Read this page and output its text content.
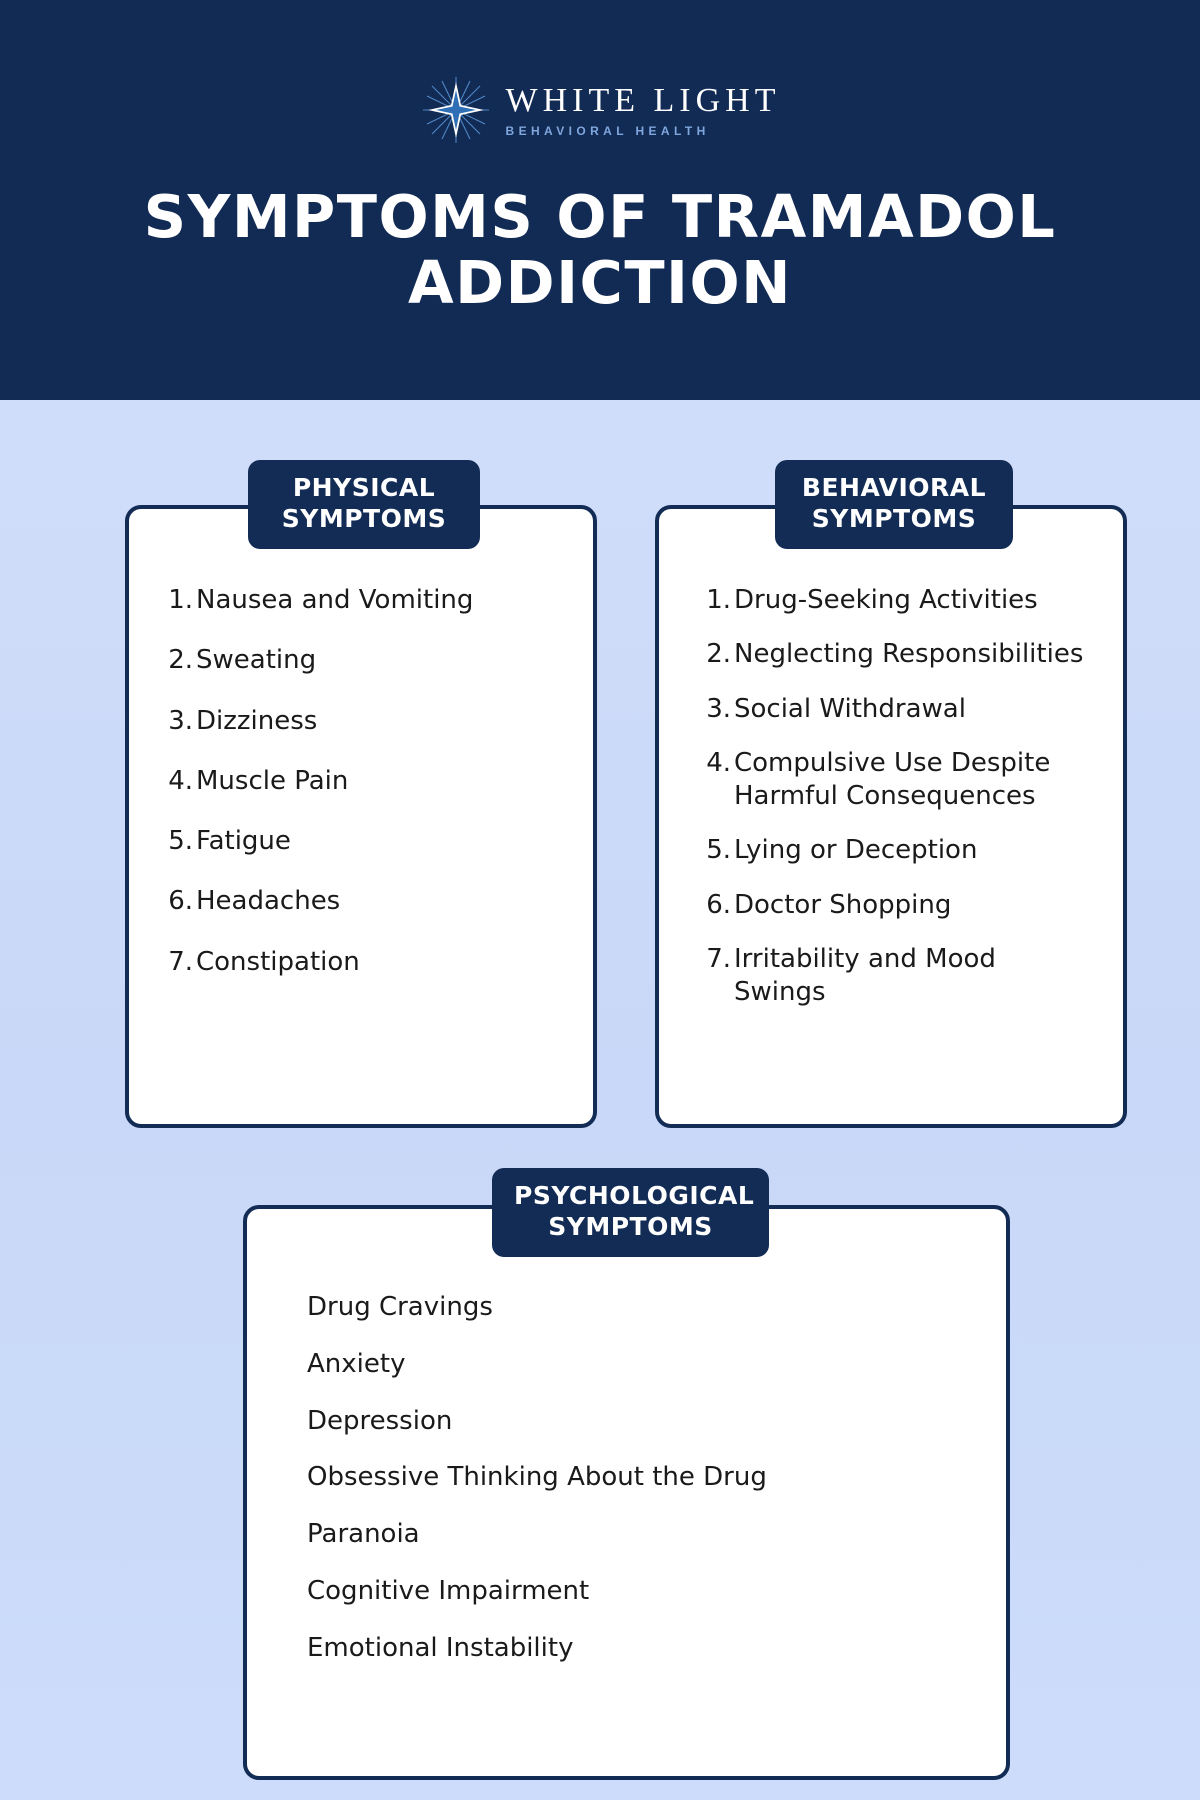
WHITE LIGHT
BEHAVIORAL HEALTH
SYMPTOMS OF TRAMADOL ADDICTION
1. Nausea and Vomiting
2. Sweating
3. Dizziness
4. Muscle Pain
5. Fatigue
6. Headaches
7. Constipation
PHYSICAL SYMPTOMS
1. Drug-Seeking Activities
2. Neglecting Responsibilities
3. Social Withdrawal
4. Compulsive Use Despite Harmful Consequences
5. Lying or Deception
6. Doctor Shopping
7. Irritability and Mood Swings
BEHAVIORAL SYMPTOMS
Drug Cravings
Anxiety
Depression
Obsessive Thinking About the Drug
Paranoia
Cognitive Impairment
Emotional Instability
PSYCHOLOGICAL SYMPTOMS
